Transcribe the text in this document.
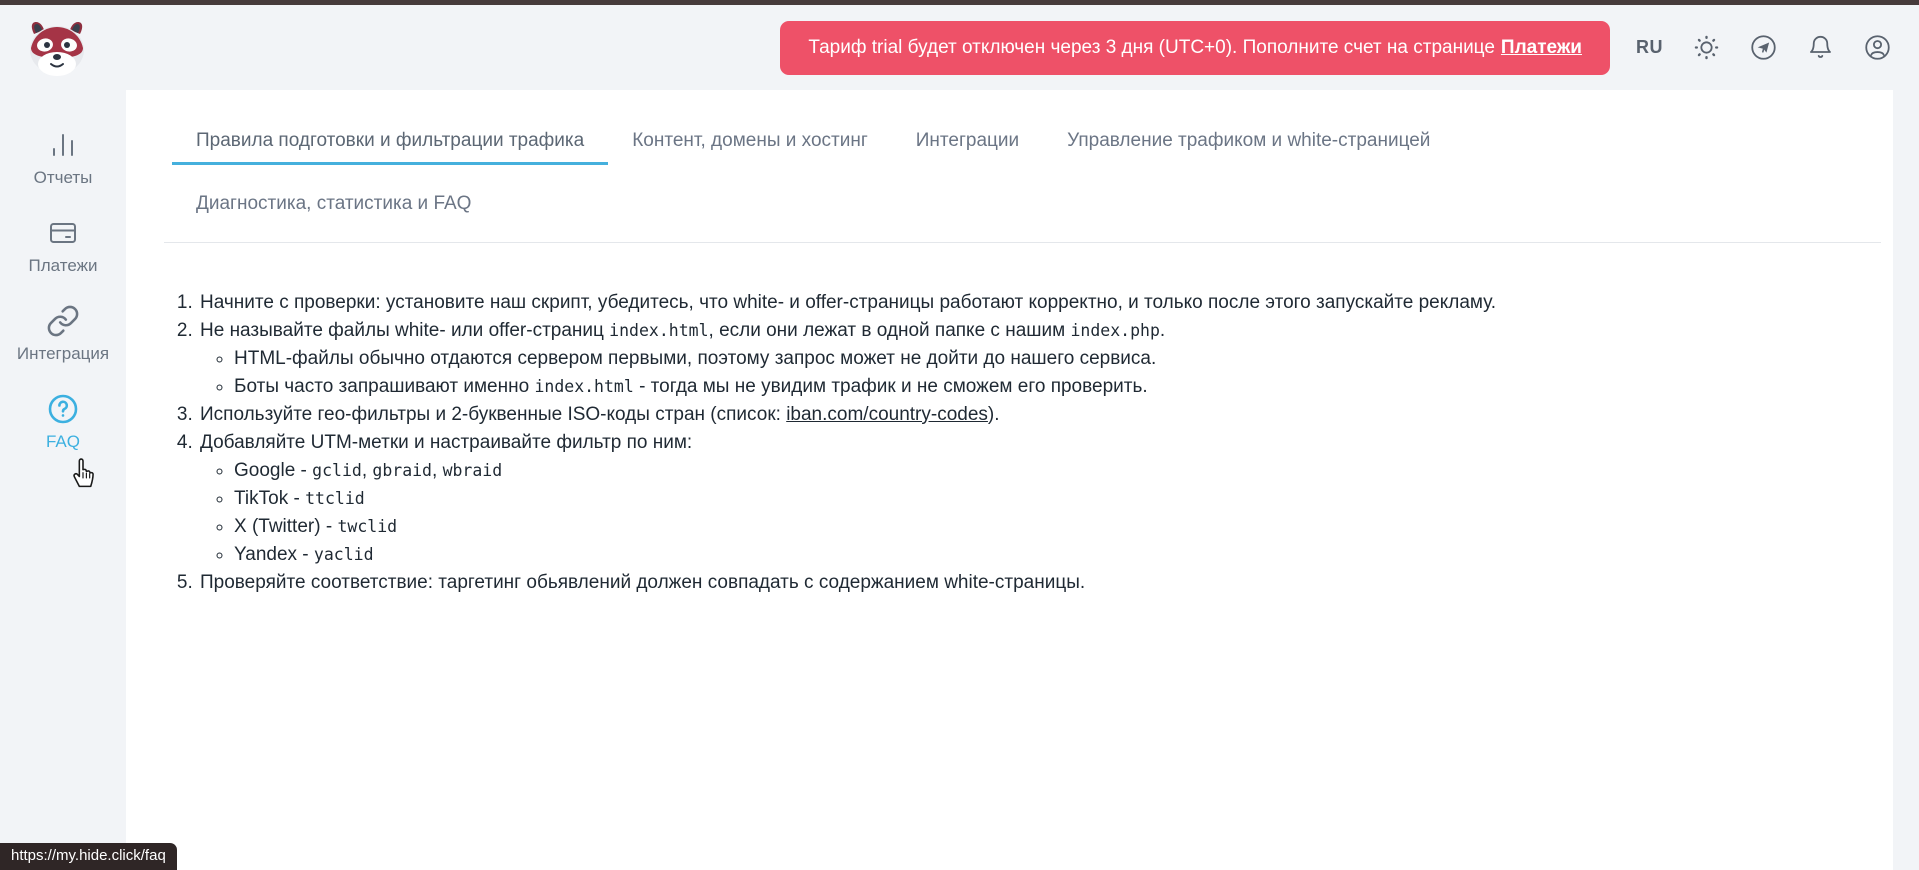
Тариф trial будет отключен через 3 дня (UTC+0). Пополните счет на странице Платежи	RU
Отчеты
Платежи
Интеграция
FAQ
Правила подготовки и фильтрации трафика	Контент, домены и хостинг	Интеграции	Управление трафиком и white-страницей
Диагностика, статистика и FAQ
1. Начните с проверки: установите наш скрипт, убедитесь, что white- и offer-страницы работают корректно, и только после этого запускайте рекламу.
2. Не называйте файлы white- или offer-страниц index.html, если они лежат в одной папке с нашим index.php.
◦ HTML-файлы обычно отдаются сервером первыми, поэтому запрос может не дойти до нашего сервиса.
◦ Боты часто запрашивают именно index.html - тогда мы не увидим трафик и не сможем его проверить.
3. Используйте гео-фильтры и 2-буквенные ISO-коды стран (список: iban.com/country-codes).
4. Добавляйте UTM-метки и настраивайте фильтр по ним:
◦ Google - gclid, gbraid, wbraid
◦ TikTok - ttclid
◦ X (Twitter) - twclid
◦ Yandex - yaclid
5. Проверяйте соответствие: таргетинг обьявлений должен совпадать с содержанием white-страницы.
https://my.hide.click/faq
